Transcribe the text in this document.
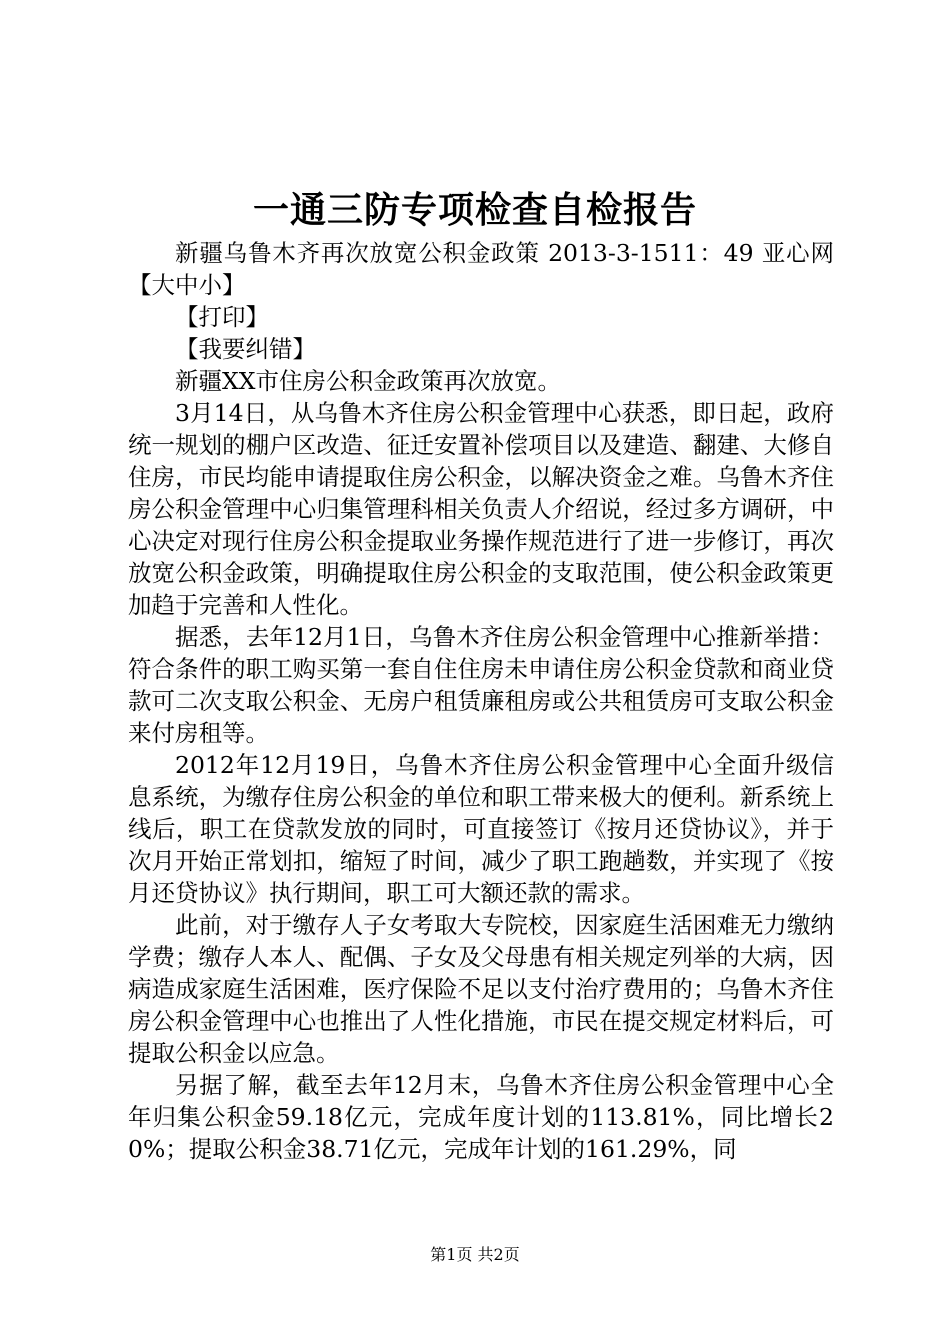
一通三防专项检查自检报告

新疆乌鲁木齐再次放宽公积金政策 2013-3-1511：49 亚心网【大中小】

【打印】

【我要纠错】

新疆XX市住房公积金政策再次放宽。

3月14日，从乌鲁木齐住房公积金管理中心获悉，即日起，政府统一规划的棚户区改造、征迁安置补偿项目以及建造、翻建、大修自住房，市民均能申请提取住房公积金，以解决资金之难。乌鲁木齐住房公积金管理中心归集管理科相关负责人介绍说，经过多方调研，中心决定对现行住房公积金提取业务操作规范进行了进一步修订，再次放宽公积金政策，明确提取住房公积金的支取范围，使公积金政策更加趋于完善和人性化。

据悉，去年12月1日，乌鲁木齐住房公积金管理中心推新举措：符合条件的职工购买第一套自住住房未申请住房公积金贷款和商业贷款可二次支取公积金、无房户租赁廉租房或公共租赁房可支取公积金来付房租等。

2012年12月19日，乌鲁木齐住房公积金管理中心全面升级信息系统，为缴存住房公积金的单位和职工带来极大的便利。新系统上线后，职工在贷款发放的同时，可直接签订《按月还贷协议》，并于次月开始正常划扣，缩短了时间，减少了职工跑趟数，并实现了《按月还贷协议》执行期间，职工可大额还款的需求。

此前，对于缴存人子女考取大专院校，因家庭生活困难无力缴纳学费；缴存人本人、配偶、子女及父母患有相关规定列举的大病，因病造成家庭生活困难，医疗保险不足以支付治疗费用的；乌鲁木齐住房公积金管理中心也推出了人性化措施，市民在提交规定材料后，可提取公积金以应急。

另据了解，截至去年12月末，乌鲁木齐住房公积金管理中心全年归集公积金59.18亿元，完成年度计划的113.81%，同比增长20%；提取公积金38.71亿元，完成年计划的161.29%，同

第1页 共2页
